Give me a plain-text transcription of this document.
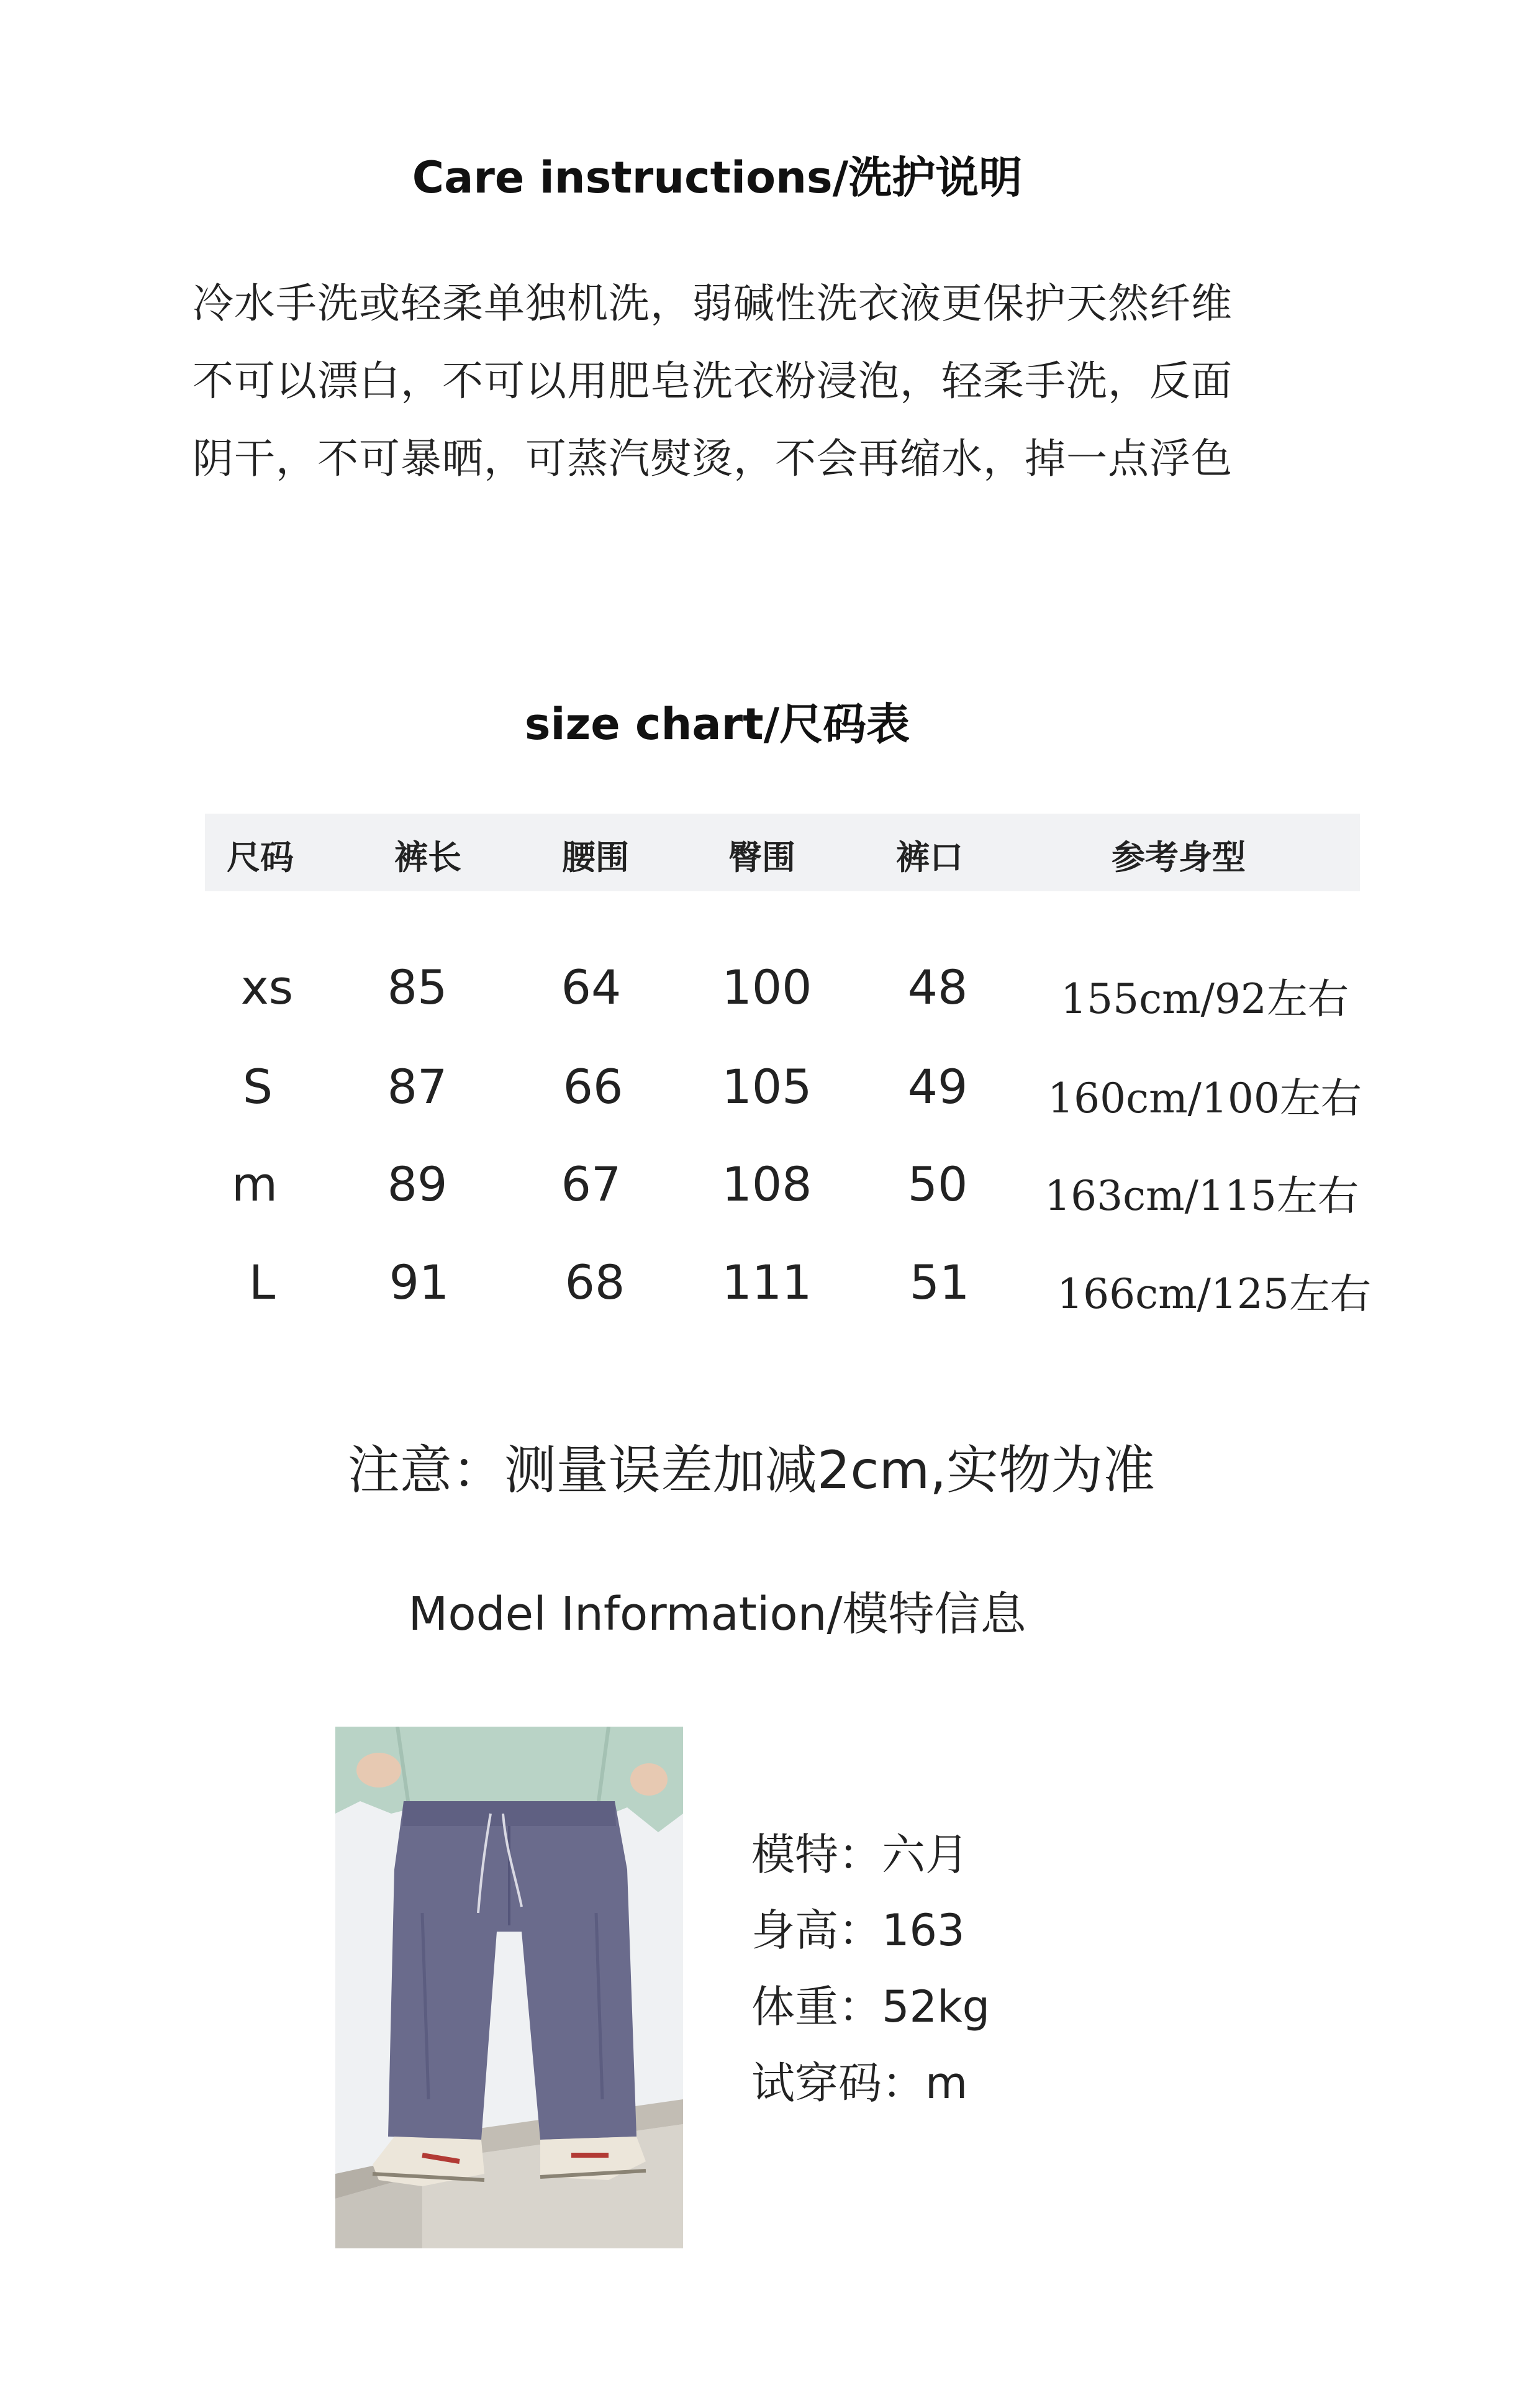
Care instructions/洗护说明
冷水手洗或轻柔单独机洗，弱碱性洗衣液更保护天然纤维
不可以漂白，不可以用肥皂洗衣粉浸泡，轻柔手洗，反面
阴干，不可暴晒，可蒸汽熨烫，不会再缩水，掉一点浮色
size chart/尺码表
尺码	裤长	腰围	臀围	裤口	参考身型
xs	85	64	100	48	155cm/92左右
S	87	66	105	49	160cm/100左右
m	89	67	108	50	163cm/115左右
L	91	68	111	51	166cm/125左右
注意：测量误差加减2cm,实物为准
Model Information/模特信息
模特：六月
身高：163
体重：52kg
试穿码：m
